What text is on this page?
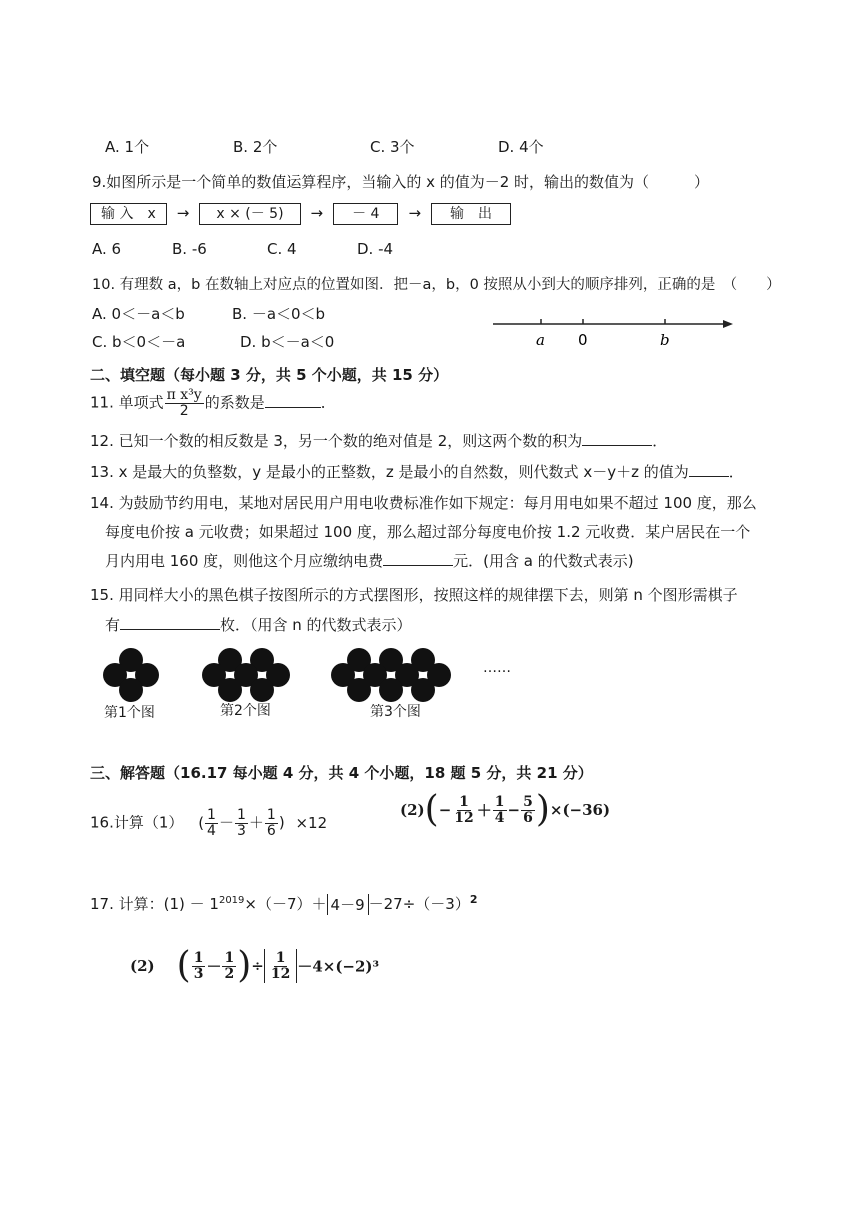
A. 1个	B. 2个	C. 3个	D. 4个
9.如图所示是一个简单的数值运算程序，当输入的 x 的值为－2 时，输出的数值为（　　　）
输 入　x → x × (－ 5) → － 4 → 输　出
A. 6	B. -6	C. 4	D. -4
10. 有理数 a，b 在数轴上对应点的位置如图．把－a，b，0 按照从小到大的顺序排列，正确的是　（　　）
A. 0＜－a＜b	B. －a＜0＜b
C. b＜0＜－a	D. b＜－a＜0	a 0	b
二、填空题（每小题 3 分，共 5 个小题，共 15 分）
11. 单项式 $\frac{\text{π x³y}}{2}$ 的系数是	．
12. 已知一个数的相反数是 3，另一个数的绝对值是 2，则这两个数的积为	．
13. x 是最大的负整数，y 是最小的正整数，z 是最小的自然数，则代数式 x－y＋z 的值为	．
14. 为鼓励节约用电，某地对居民用户用电收费标准作如下规定：每月用电如果不超过 100 度，那么
每度电价按 a 元收费；如果超过 100 度，那么超过部分每度电价按 1.2 元收费．某户居民在一个
月内用电 160 度，则他这个月应缴纳电费	元．(用含 a 的代数式表示)
15. 用同样大小的黑色棋子按图所示的方式摆图形，按照这样的规律摆下去，则第 n 个图形需棋子
有	枚．（用含 n 的代数式表示）
……
第1个图	第2个图	第3个图
三、解答题（16.17 每小题 4 分，共 4 个小题，18 题 5 分，共 21 分）
16.计算（1） ( $\frac{1}{4} - \frac{1}{3} + \frac{1}{6}$ ) ×12
$(2)(- \frac{1}{12} + \frac{1}{4} - \frac{5}{6} )\times(-36)$
17. 计算：$(1) - 1^{2019}\times(-7)+ 4-9 -27\div(-3)^2$
(2) ( $\frac{1}{3} - \frac{1}{2}$ )÷ $\frac{1}{12} -4\times(-2)^3$
